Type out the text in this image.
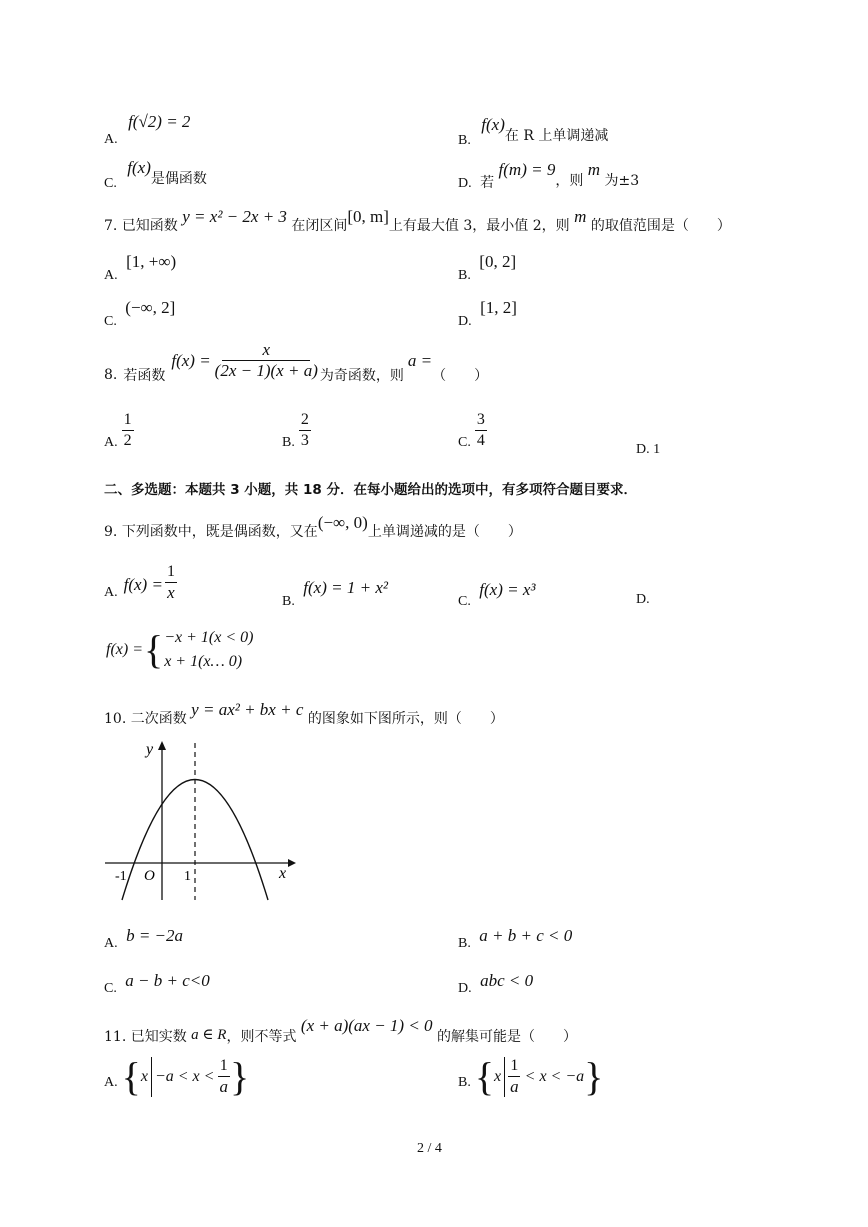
A. f(√2) = 2
B. f(x)在 R 上单调递减
C. f(x)是偶函数	D. 若 f(m) = 9，则 m 为±3
7. 已知函数 y = x² − 2x + 3 在闭区间[0, m]上有最大值 3，最小值 2，则 m 的取值范围是（　　）
A. [1, +∞)
B. [0, 2]
C. (−∞, 2]
D. [1, 2]
8. 若函数
$f(x) = \frac{x}{(2x - 1)(x + a)}$ 为奇函数，则
a =
（　　）
A. $\frac{1}{2}$	B. $\frac{2}{3}$	C. $\frac{3}{4}$	D. 1
二、多选题：本题共 3 小题，共 18 分．在每小题给出的选项中，有多项符合题目要求．
9. 下列函数中，既是偶函数，又在(−∞, 0)上单调递减的是（　　）
A. $f(x) = \frac{1}{x}$	B. f(x) = 1 + x²
C. f(x) = x³
D.
f(x) = { −x + 1(x < 0)
x + 1(x… 0)
10. 二次函数 y = ax² + bx + c 的图象如下图所示，则（　　）
y
x
O
-1	1
A. b = −2a	B. a + b + c < 0
C. a − b + c<0	D. abc < 0
11. 已知实数 a ∈ R，则不等式 (x + a)(ax − 1) < 0 的解集可能是（　　）
A. { $x -a < x < \frac{1}{a}$ }	B. { x $\frac{1}{a} < x < -a$ }
2 / 4
